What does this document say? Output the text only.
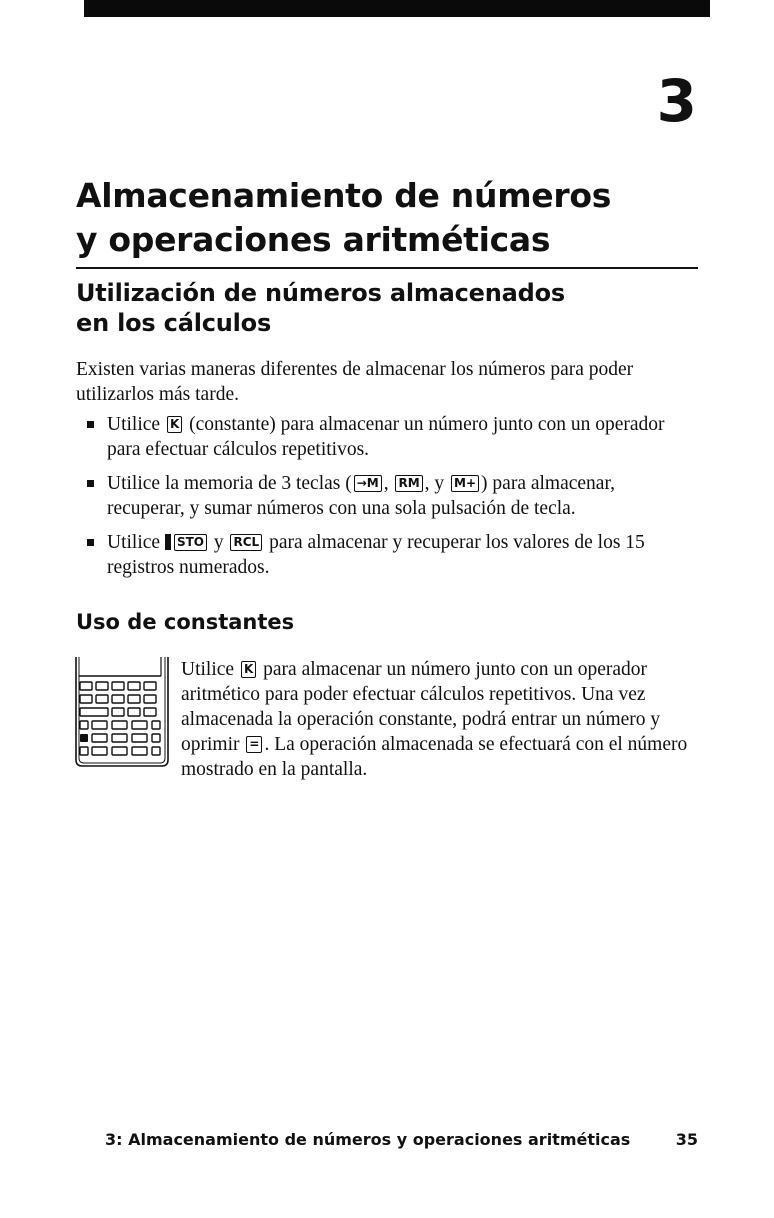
3
Almacenamiento de números
y operaciones aritméticas
Utilización de números almacenados
en los cálculos

Existen varias maneras diferentes de almacenar los números para poder utilizarlos más tarde.

Utilice K (constante) para almacenar un número junto con un operador para efectuar cálculos repetitivos.
Utilice la memoria de 3 teclas ( →M , RM , y M+ ) para almacenar, recuperar, y sumar números con una sola pulsación de tecla.
Utilice STO y RCL para almacenar y recuperar los valores de los 15 registros numerados.
Uso de constantes

Utilice K para almacenar un número junto con un operador aritmético para poder efectuar cálculos repetitivos. Una vez almacenada la operación constante, podrá entrar un número y oprimir = . La operación almacenada se efectuará con el número mostrado en la pantalla.

3: Almacenamiento de números y operaciones aritméticas	35
